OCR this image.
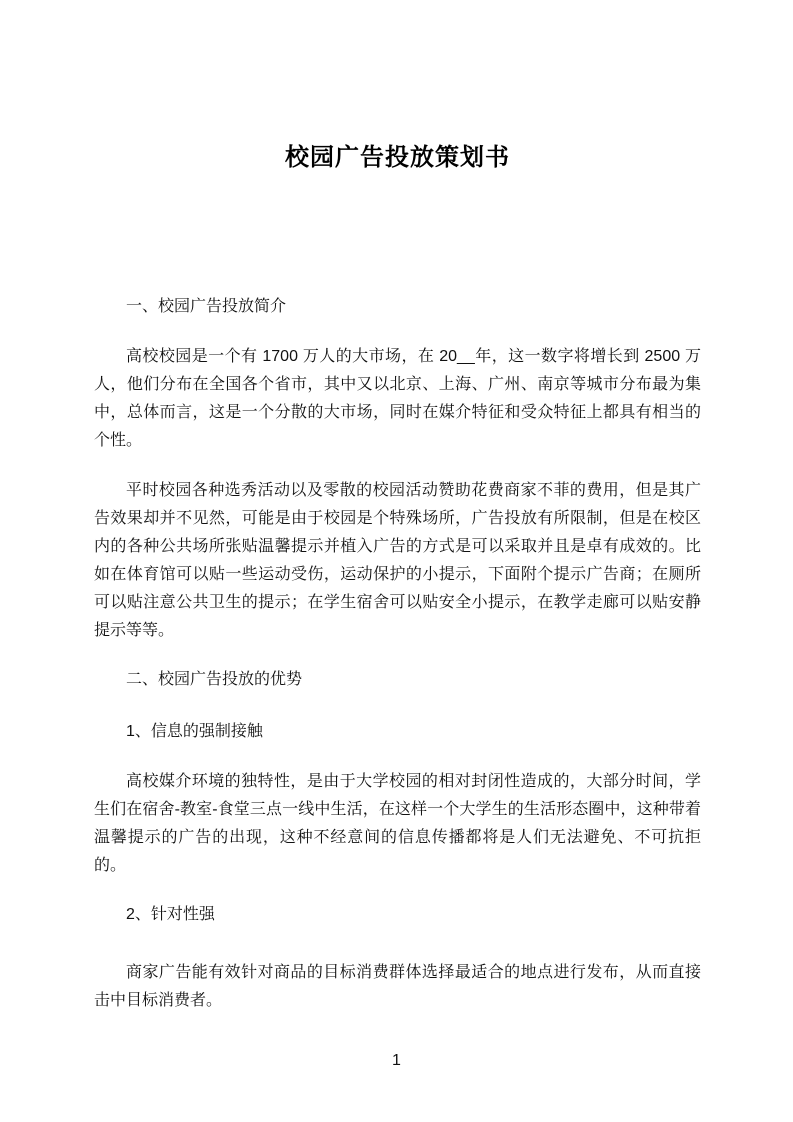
校园广告投放策划书
一、校园广告投放简介

高校校园是一个有 1700 万人的大市场，在 20__年，这一数字将增长到 2500 万人，他们分布在全国各个省市，其中又以北京、上海、广州、南京等城市分布最为集中，总体而言，这是一个分散的大市场，同时在媒介特征和受众特征上都具有相当的个性。

平时校园各种选秀活动以及零散的校园活动赞助花费商家不菲的费用，但是其广告效果却并不见然，可能是由于校园是个特殊场所，广告投放有所限制，但是在校区内的各种公共场所张贴温馨提示并植入广告的方式是可以采取并且是卓有成效的。比如在体育馆可以贴一些运动受伤，运动保护的小提示，下面附个提示广告商；在厕所可以贴注意公共卫生的提示；在学生宿舍可以贴安全小提示，在教学走廊可以贴安静提示等等。

二、校园广告投放的优势
1、信息的强制接触

高校媒介环境的独特性，是由于大学校园的相对封闭性造成的，大部分时间，学生们在宿舍-教室-食堂三点一线中生活，在这样一个大学生的生活形态圈中，这种带着温馨提示的广告的出现，这种不经意间的信息传播都将是人们无法避免、不可抗拒的。

2、针对性强

商家广告能有效针对商品的目标消费群体选择最适合的地点进行发布，从而直接击中目标消费者。

1
